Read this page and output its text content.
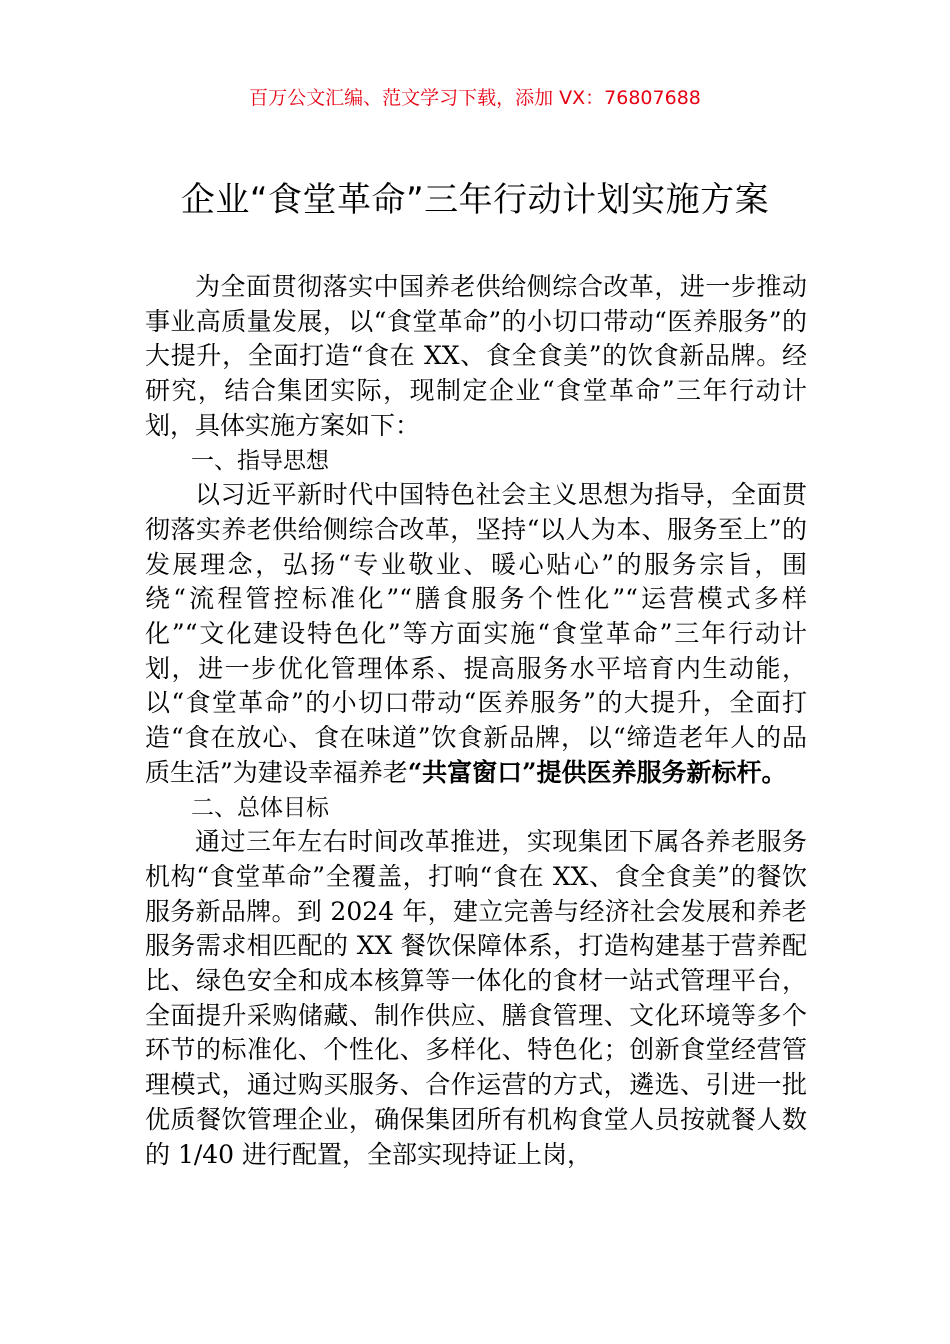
百万公文汇编、范文学习下载，添加 VX：76807688
企业“食堂革命”三年行动计划实施方案

为全面贯彻落实中国养老供给侧综合改革，进一步推动事业高质量发展，以“食堂革命”的小切口带动“医养服务”的大提升，全面打造“食在 XX、食全食美”的饮食新品牌。经研究，结合集团实际，现制定企业“食堂革命”三年行动计划，具体实施方案如下：

一、指导思想

以习近平新时代中国特色社会主义思想为指导，全面贯彻落实养老供给侧综合改革，坚持“以人为本、服务至上”的发展理念，弘扬“专业敬业、暖心贴心”的服务宗旨，围绕“流程管控标准化”“膳食服务个性化”“运营模式多样化”“文化建设特色化”等方面实施“食堂革命”三年行动计划，进一步优化管理体系、提高服务水平培育内生动能，以“食堂革命”的小切口带动“医养服务”的大提升，全面打造“食在放心、食在味道”饮食新品牌，以“缔造老年人的品质生活”为建设幸福养老“共富窗口”提供医养服务新标杆。

二、总体目标

通过三年左右时间改革推进，实现集团下属各养老服务机构“食堂革命”全覆盖，打响“食在 XX、食全食美”的餐饮服务新品牌。到 2024 年，建立完善与经济社会发展和养老服务需求相匹配的 XX 餐饮保障体系，打造构建基于营养配比、绿色安全和成本核算等一体化的食材一站式管理平台，全面提升采购储藏、制作供应、膳食管理、文化环境等多个环节的标准化、个性化、多样化、特色化；创新食堂经营管理模式，通过购买服务、合作运营的方式，遴选、引进一批优质餐饮管理企业，确保集团所有机构食堂人员按就餐人数的 1/40 进行配置，全部实现持证上岗，
